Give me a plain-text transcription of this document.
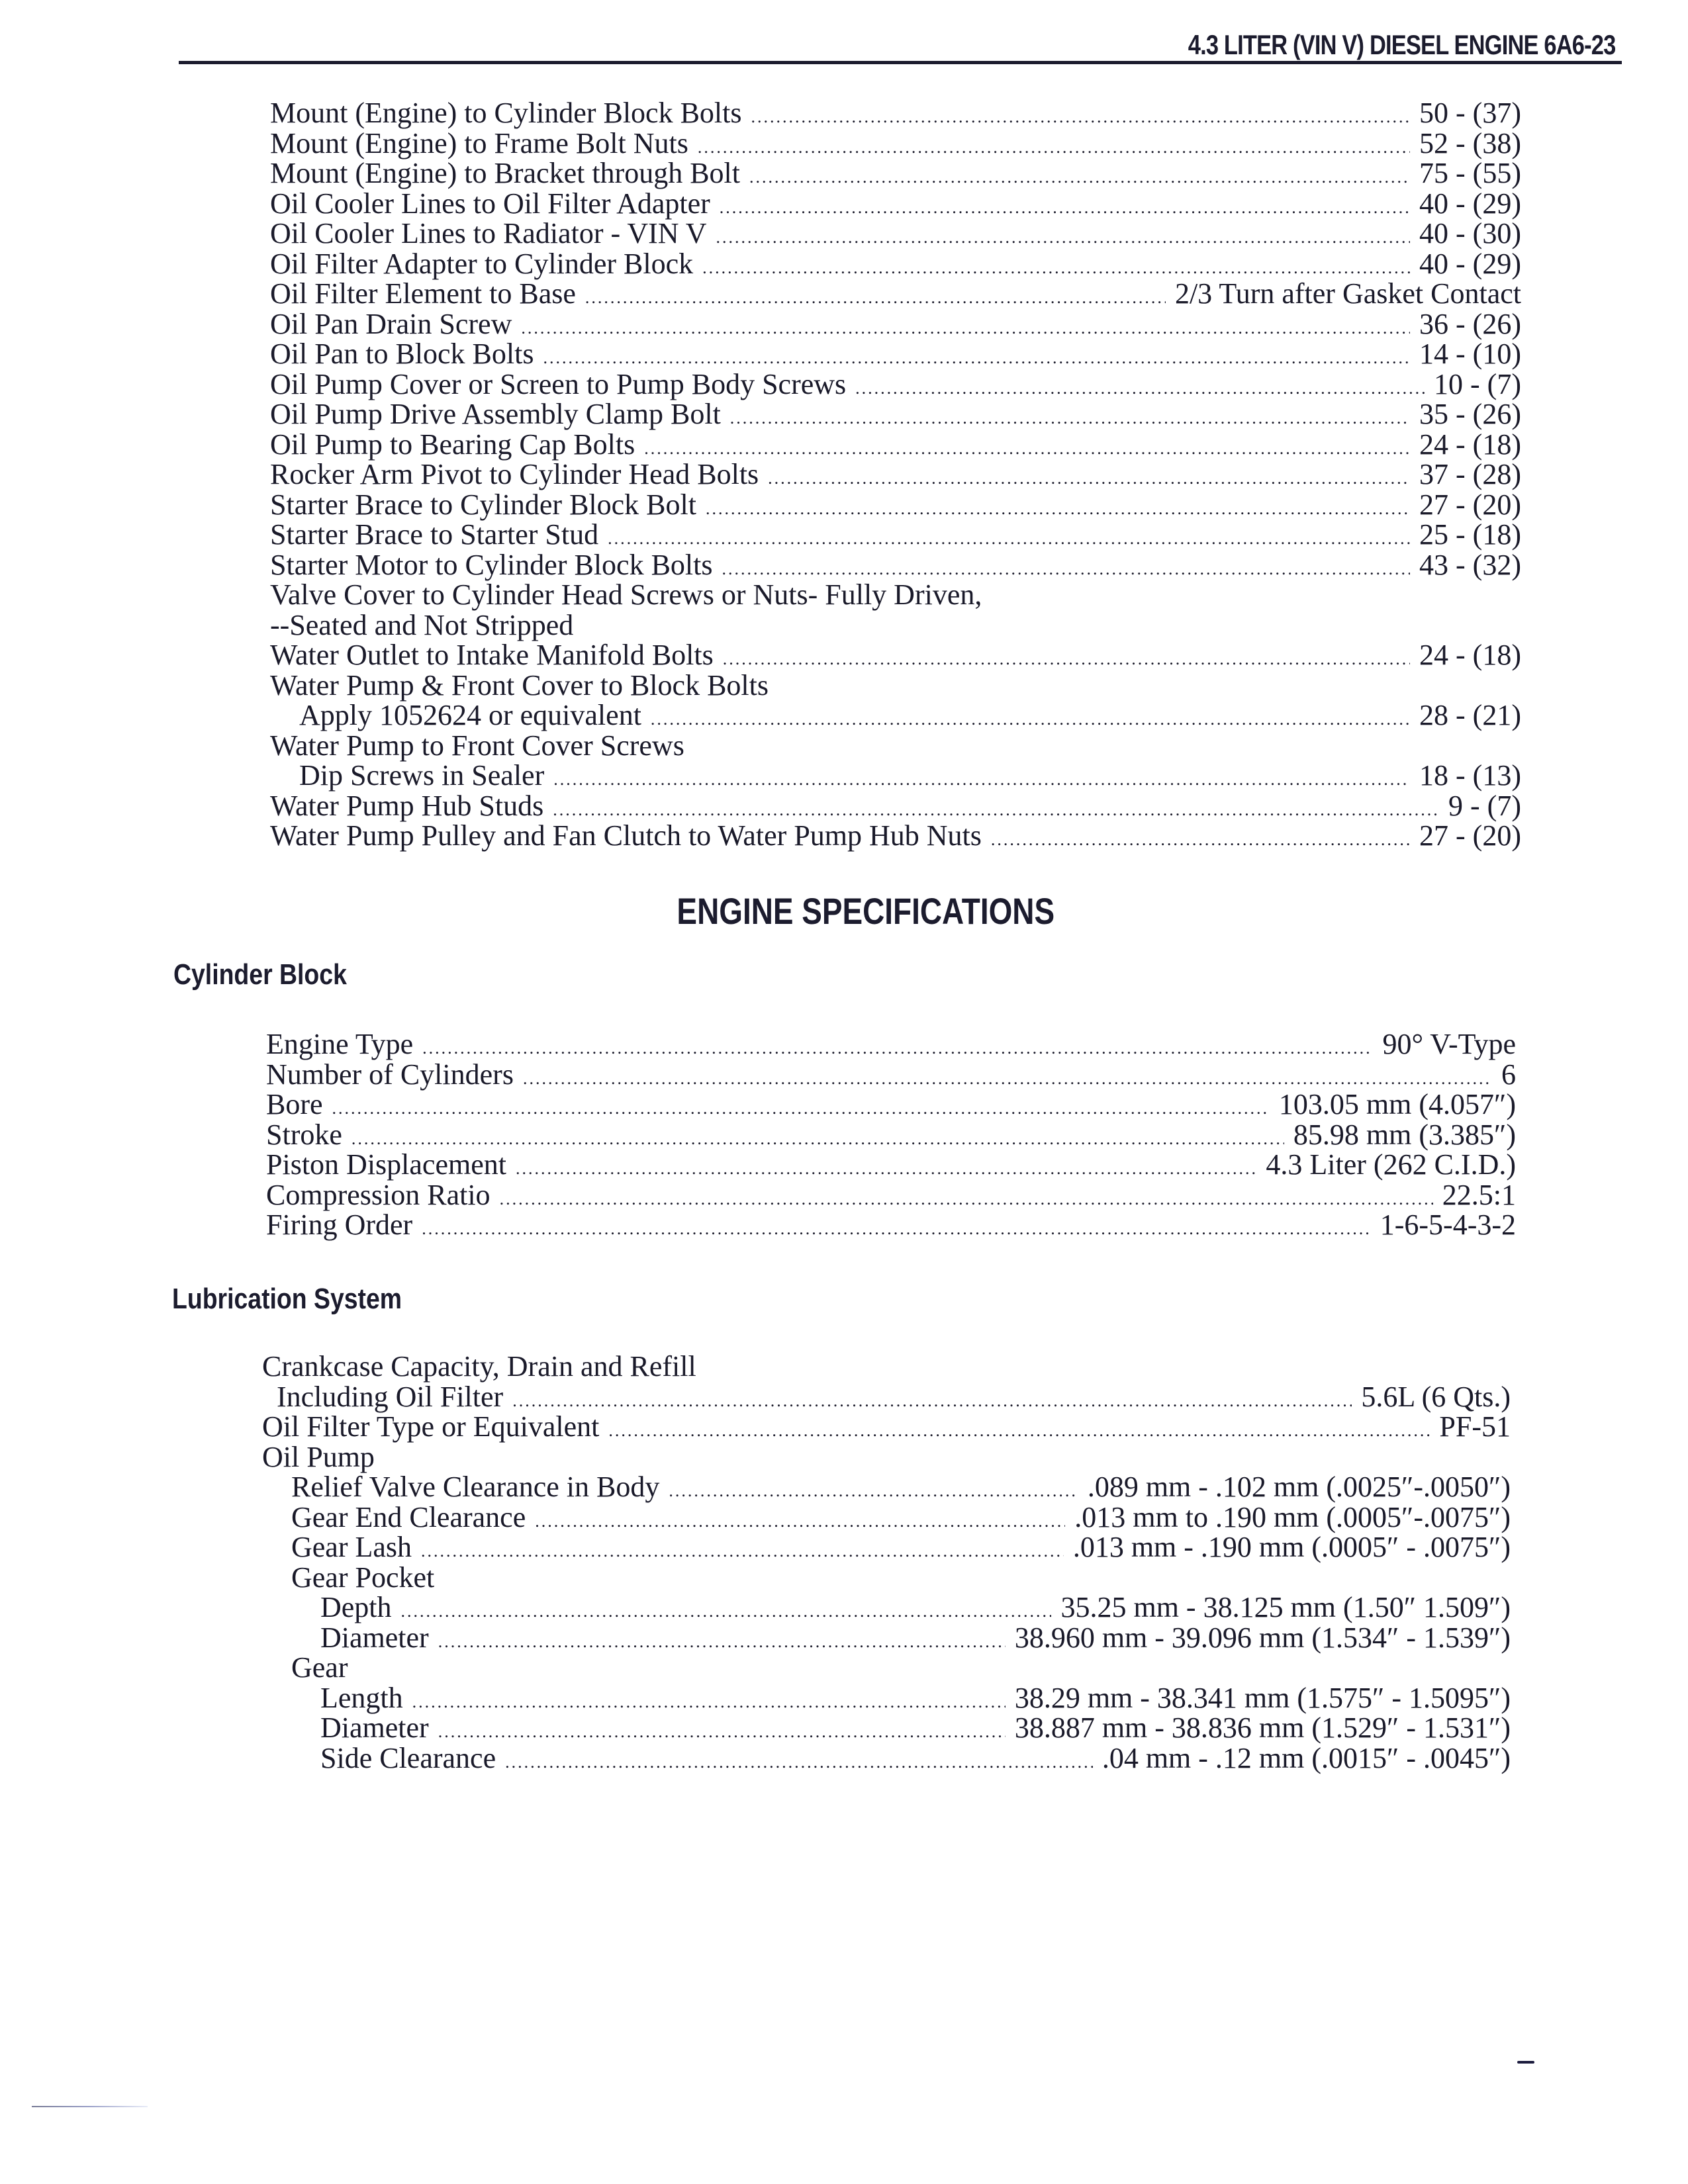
4.3 LITER (VIN V) DIESEL ENGINE 6A6-23
Mount (Engine) to Cylinder Block Bolts .....	50 - (37)
Mount (Engine) to Frame Bolt Nuts .....	52 - (38)
Mount (Engine) to Bracket through Bolt .....	75 - (55)
Oil Cooler Lines to Oil Filter Adapter .....	40 - (29)
Oil Cooler Lines to Radiator - VIN V .....	40 - (30)
Oil Filter Adapter to Cylinder Block .....	40 - (29)
Oil Filter Element to Base .....	2/3 Turn after Gasket Contact
Oil Pan Drain Screw .....	36 - (26)
Oil Pan to Block Bolts .....	14 - (10)
Oil Pump Cover or Screen to Pump Body Screws .....	10 - (7)
Oil Pump Drive Assembly Clamp Bolt .....	35 - (26)
Oil Pump to Bearing Cap Bolts .....	24 - (18)
Rocker Arm Pivot to Cylinder Head Bolts .....	37 - (28)
Starter Brace to Cylinder Block Bolt .....	27 - (20)
Starter Brace to Starter Stud .....	25 - (18)
Starter Motor to Cylinder Block Bolts .....	43 - (32)
Valve Cover to Cylinder Head Screws or Nuts- Fully Driven,
--Seated and Not Stripped
Water Outlet to Intake Manifold Bolts .....	24 - (18)
Water Pump & Front Cover to Block Bolts
Apply 1052624 or equivalent .....	28 - (21)
Water Pump to Front Cover Screws
Dip Screws in Sealer .....	18 - (13)
Water Pump Hub Studs .....	9 - (7)
Water Pump Pulley and Fan Clutch to Water Pump Hub Nuts .....	27 - (20)
ENGINE SPECIFICATIONS
Cylinder Block
Engine Type .....	90° V-Type
Number of Cylinders .....	6
Bore .....	103.05 mm (4.057″)
Stroke .....	85.98 mm (3.385″)
Piston Displacement .....	4.3 Liter (262 C.I.D.)
Compression Ratio .....	22.5:1
Firing Order .....	1-6-5-4-3-2
Lubrication System
Crankcase Capacity, Drain and Refill
Including Oil Filter .....	5.6L (6 Qts.)
Oil Filter Type or Equivalent .....	PF-51
Oil Pump
Relief Valve Clearance in Body .....	.089 mm - .102 mm (.0025″-.0050″)
Gear End Clearance .....	.013 mm to .190 mm (.0005″-.0075″)
Gear Lash .....	.013 mm - .190 mm (.0005″ - .0075″)
Gear Pocket
Depth .....	35.25 mm - 38.125 mm (1.50″ 1.509″)
Diameter .....	38.960 mm - 39.096 mm (1.534″ - 1.539″)
Gear
Length .....	38.29 mm - 38.341 mm (1.575″ - 1.5095″)
Diameter .....	38.887 mm - 38.836 mm (1.529″ - 1.531″)
Side Clearance .....	.04 mm - .12 mm (.0015″ - .0045″)
